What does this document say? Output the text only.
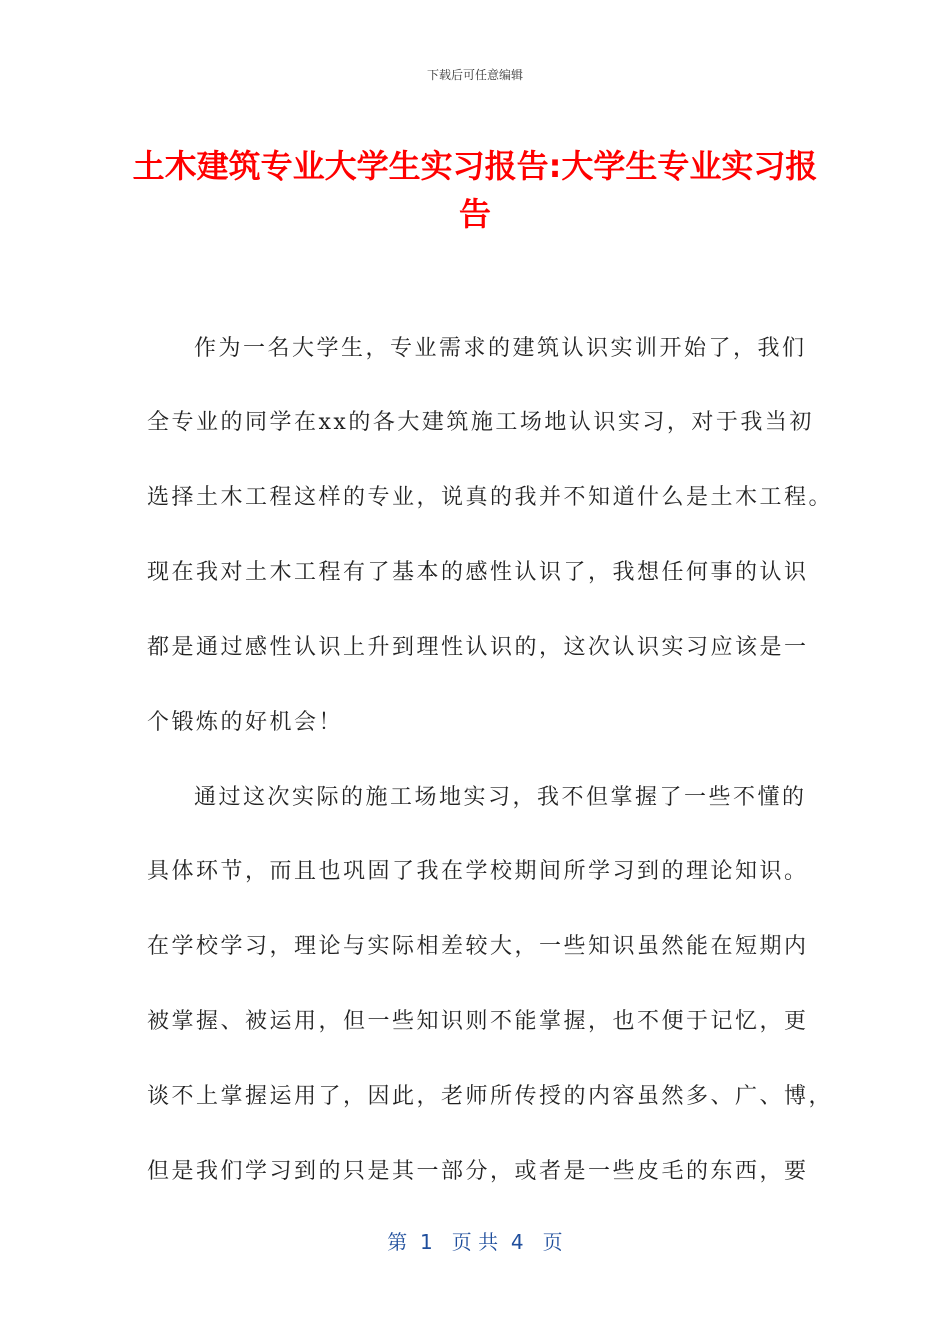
下载后可任意编辑
土木建筑专业大学生实习报告:大学生专业实习报告
作为一名大学生，专业需求的建筑认识实训开始了，我们
全专业的同学在xx的各大建筑施工场地认识实习，对于我当初
选择土木工程这样的专业，说真的我并不知道什么是土木工程。
现在我对土木工程有了基本的感性认识了，我想任何事的认识
都是通过感性认识上升到理性认识的，这次认识实习应该是一
个锻炼的好机会！
通过这次实际的施工场地实习，我不但掌握了一些不懂的
具体环节，而且也巩固了我在学校期间所学习到的理论知识。
在学校学习，理论与实际相差较大，一些知识虽然能在短期内
被掌握、被运用，但一些知识则不能掌握，也不便于记忆，更
谈不上掌握运用了，因此，老师所传授的内容虽然多、广、博，
但是我们学习到的只是其一部分，或者是一些皮毛的东西，要
第  1   页 共  4   页
